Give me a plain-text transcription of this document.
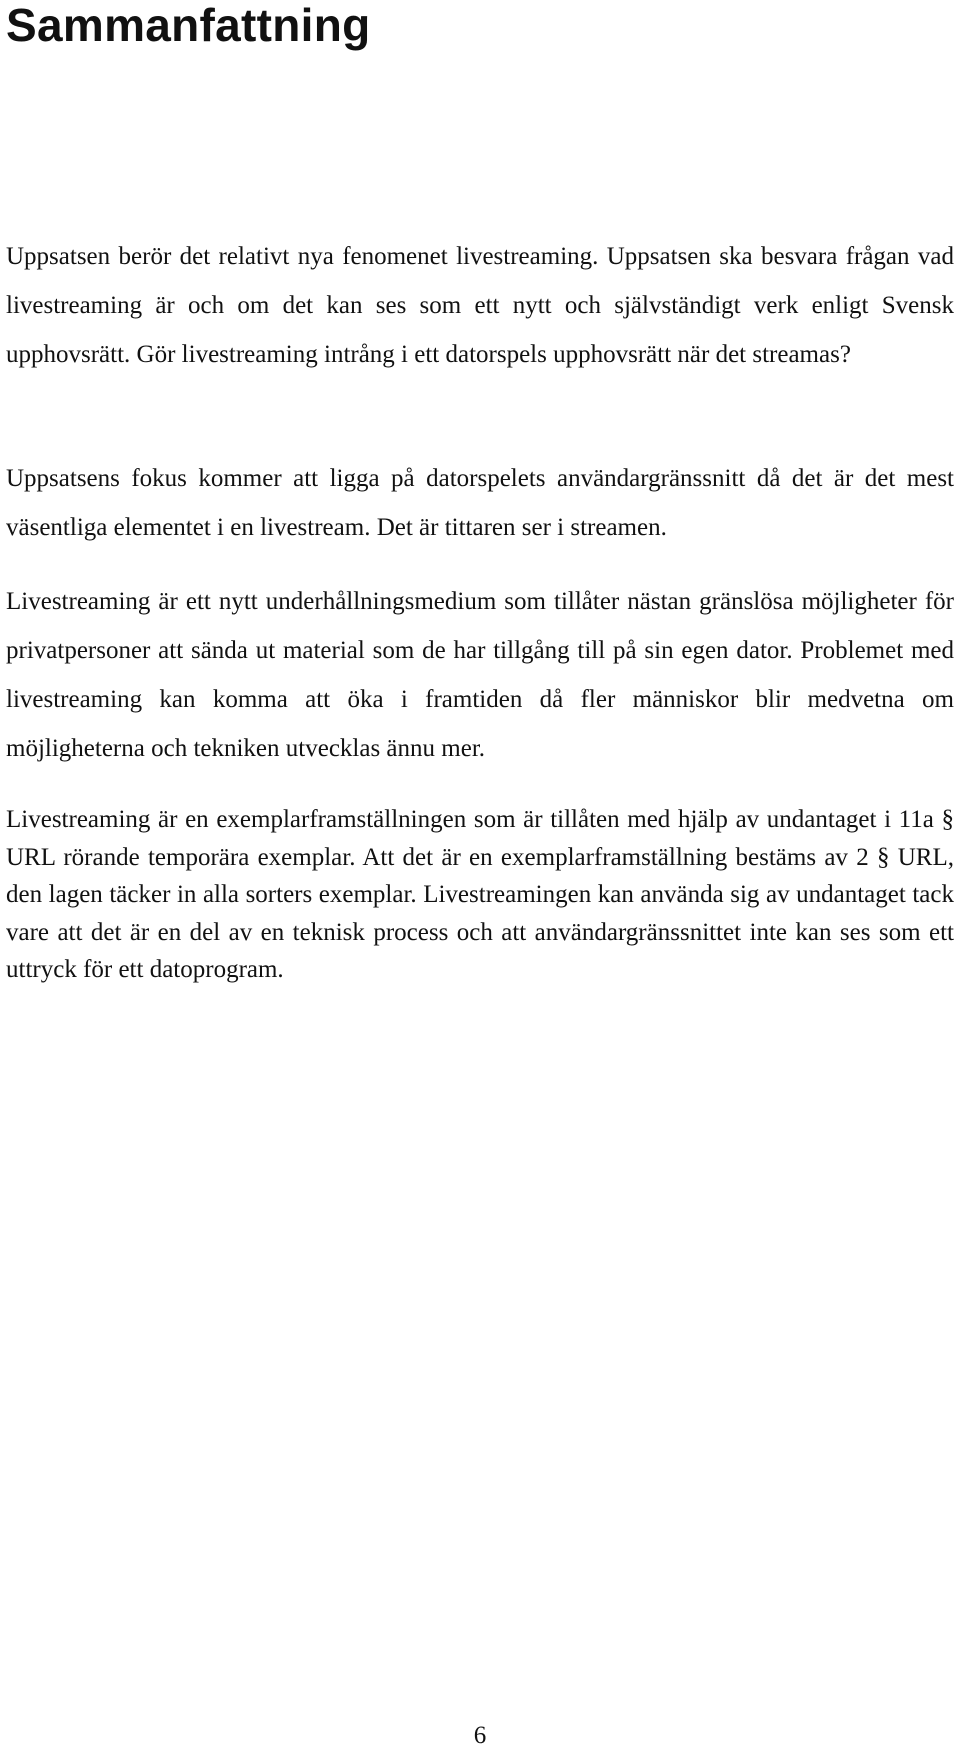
Sammanfattning

Uppsatsen berör det relativt nya fenomenet livestreaming. Uppsatsen ska besvara frågan vad livestreaming är och om det kan ses som ett nytt och självständigt verk enligt Svensk upphovsrätt. Gör livestreaming intrång i ett datorspels upphovsrätt när det streamas?

Uppsatsens fokus kommer att ligga på datorspelets användargränssnitt då det är det mest väsentliga elementet i en livestream. Det är tittaren ser i streamen.

Livestreaming är ett nytt underhållningsmedium som tillåter nästan gränslösa möjligheter för privatpersoner att sända ut material som de har tillgång till på sin egen dator. Problemet med livestreaming kan komma att öka i framtiden då fler människor blir medvetna om möjligheterna och tekniken utvecklas ännu mer.

Livestreaming är en exemplarframställningen som är tillåten med hjälp av undantaget i 11a § URL rörande temporära exemplar. Att det är en exemplarframställning bestäms av 2 § URL, den lagen täcker in alla sorters exemplar. Livestreamingen kan använda sig av undantaget tack vare att det är en del av en teknisk process och att användargränssnittet inte kan ses som ett uttryck för ett datoprogram.

6
